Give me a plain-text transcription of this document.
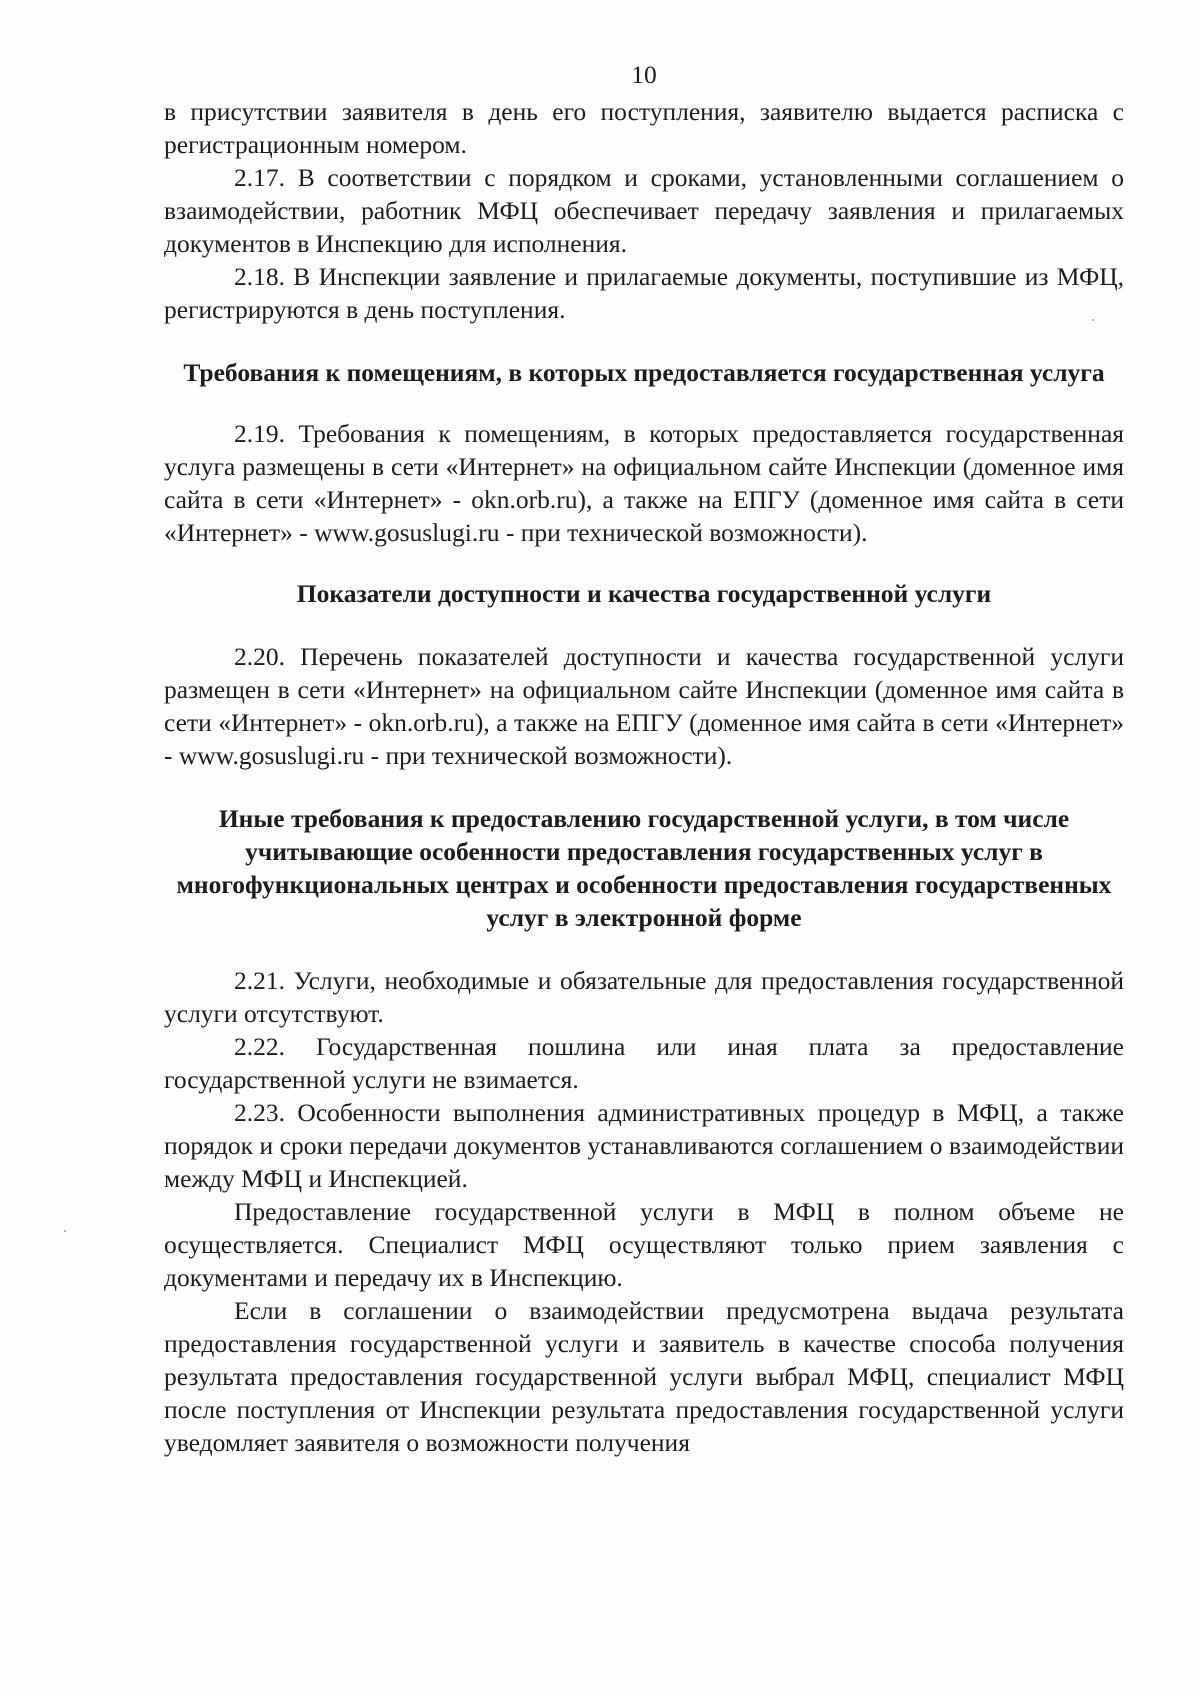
10

в присутствии заявителя в день его поступления, заявителю выдается расписка с регистрационным номером.

2.17. В соответствии с порядком и сроками, установленными соглашением о взаимодействии, работник МФЦ обеспечивает передачу заявления и прилагаемых документов в Инспекцию для исполнения.

2.18. В Инспекции заявление и прилагаемые документы, поступившие из МФЦ, регистрируются в день поступления.

Требования к помещениям, в которых предоставляется государственная услуга

2.19. Требования к помещениям, в которых предоставляется государственная услуга размещены в сети «Интернет» на официальном сайте Инспекции (доменное имя сайта в сети «Интернет» - okn.orb.ru), а также на ЕПГУ (доменное имя сайта в сети «Интернет» - www.gosuslugi.ru - при технической возможности).

Показатели доступности и качества государственной услуги

2.20. Перечень показателей доступности и качества государственной услуги размещен в сети «Интернет» на официальном сайте Инспекции (доменное имя сайта в сети «Интернет» - okn.orb.ru), а также на ЕПГУ (доменное имя сайта в сети «Интернет» - www.gosuslugi.ru - при технической возможности).

Иные требования к предоставлению государственной услуги, в том числе учитывающие особенности предоставления государственных услуг в многофункциональных центрах и особенности предоставления государственных услуг в электронной форме

2.21. Услуги, необходимые и обязательные для предоставления государственной услуги отсутствуют.

2.22. Государственная пошлина или иная плата за предоставление государственной услуги не взимается.

2.23. Особенности выполнения административных процедур в МФЦ, а также порядок и сроки передачи документов устанавливаются соглашением о взаимодействии между МФЦ и Инспекцией.

Предоставление государственной услуги в МФЦ в полном объеме не осуществляется. Специалист МФЦ осуществляют только прием заявления с документами и передачу их в Инспекцию.

Если в соглашении о взаимодействии предусмотрена выдача результата предоставления государственной услуги и заявитель в качестве способа получения результата предоставления государственной услуги выбрал МФЦ, специалист МФЦ после поступления от Инспекции результата предоставления государственной услуги уведомляет заявителя о возможности получения
